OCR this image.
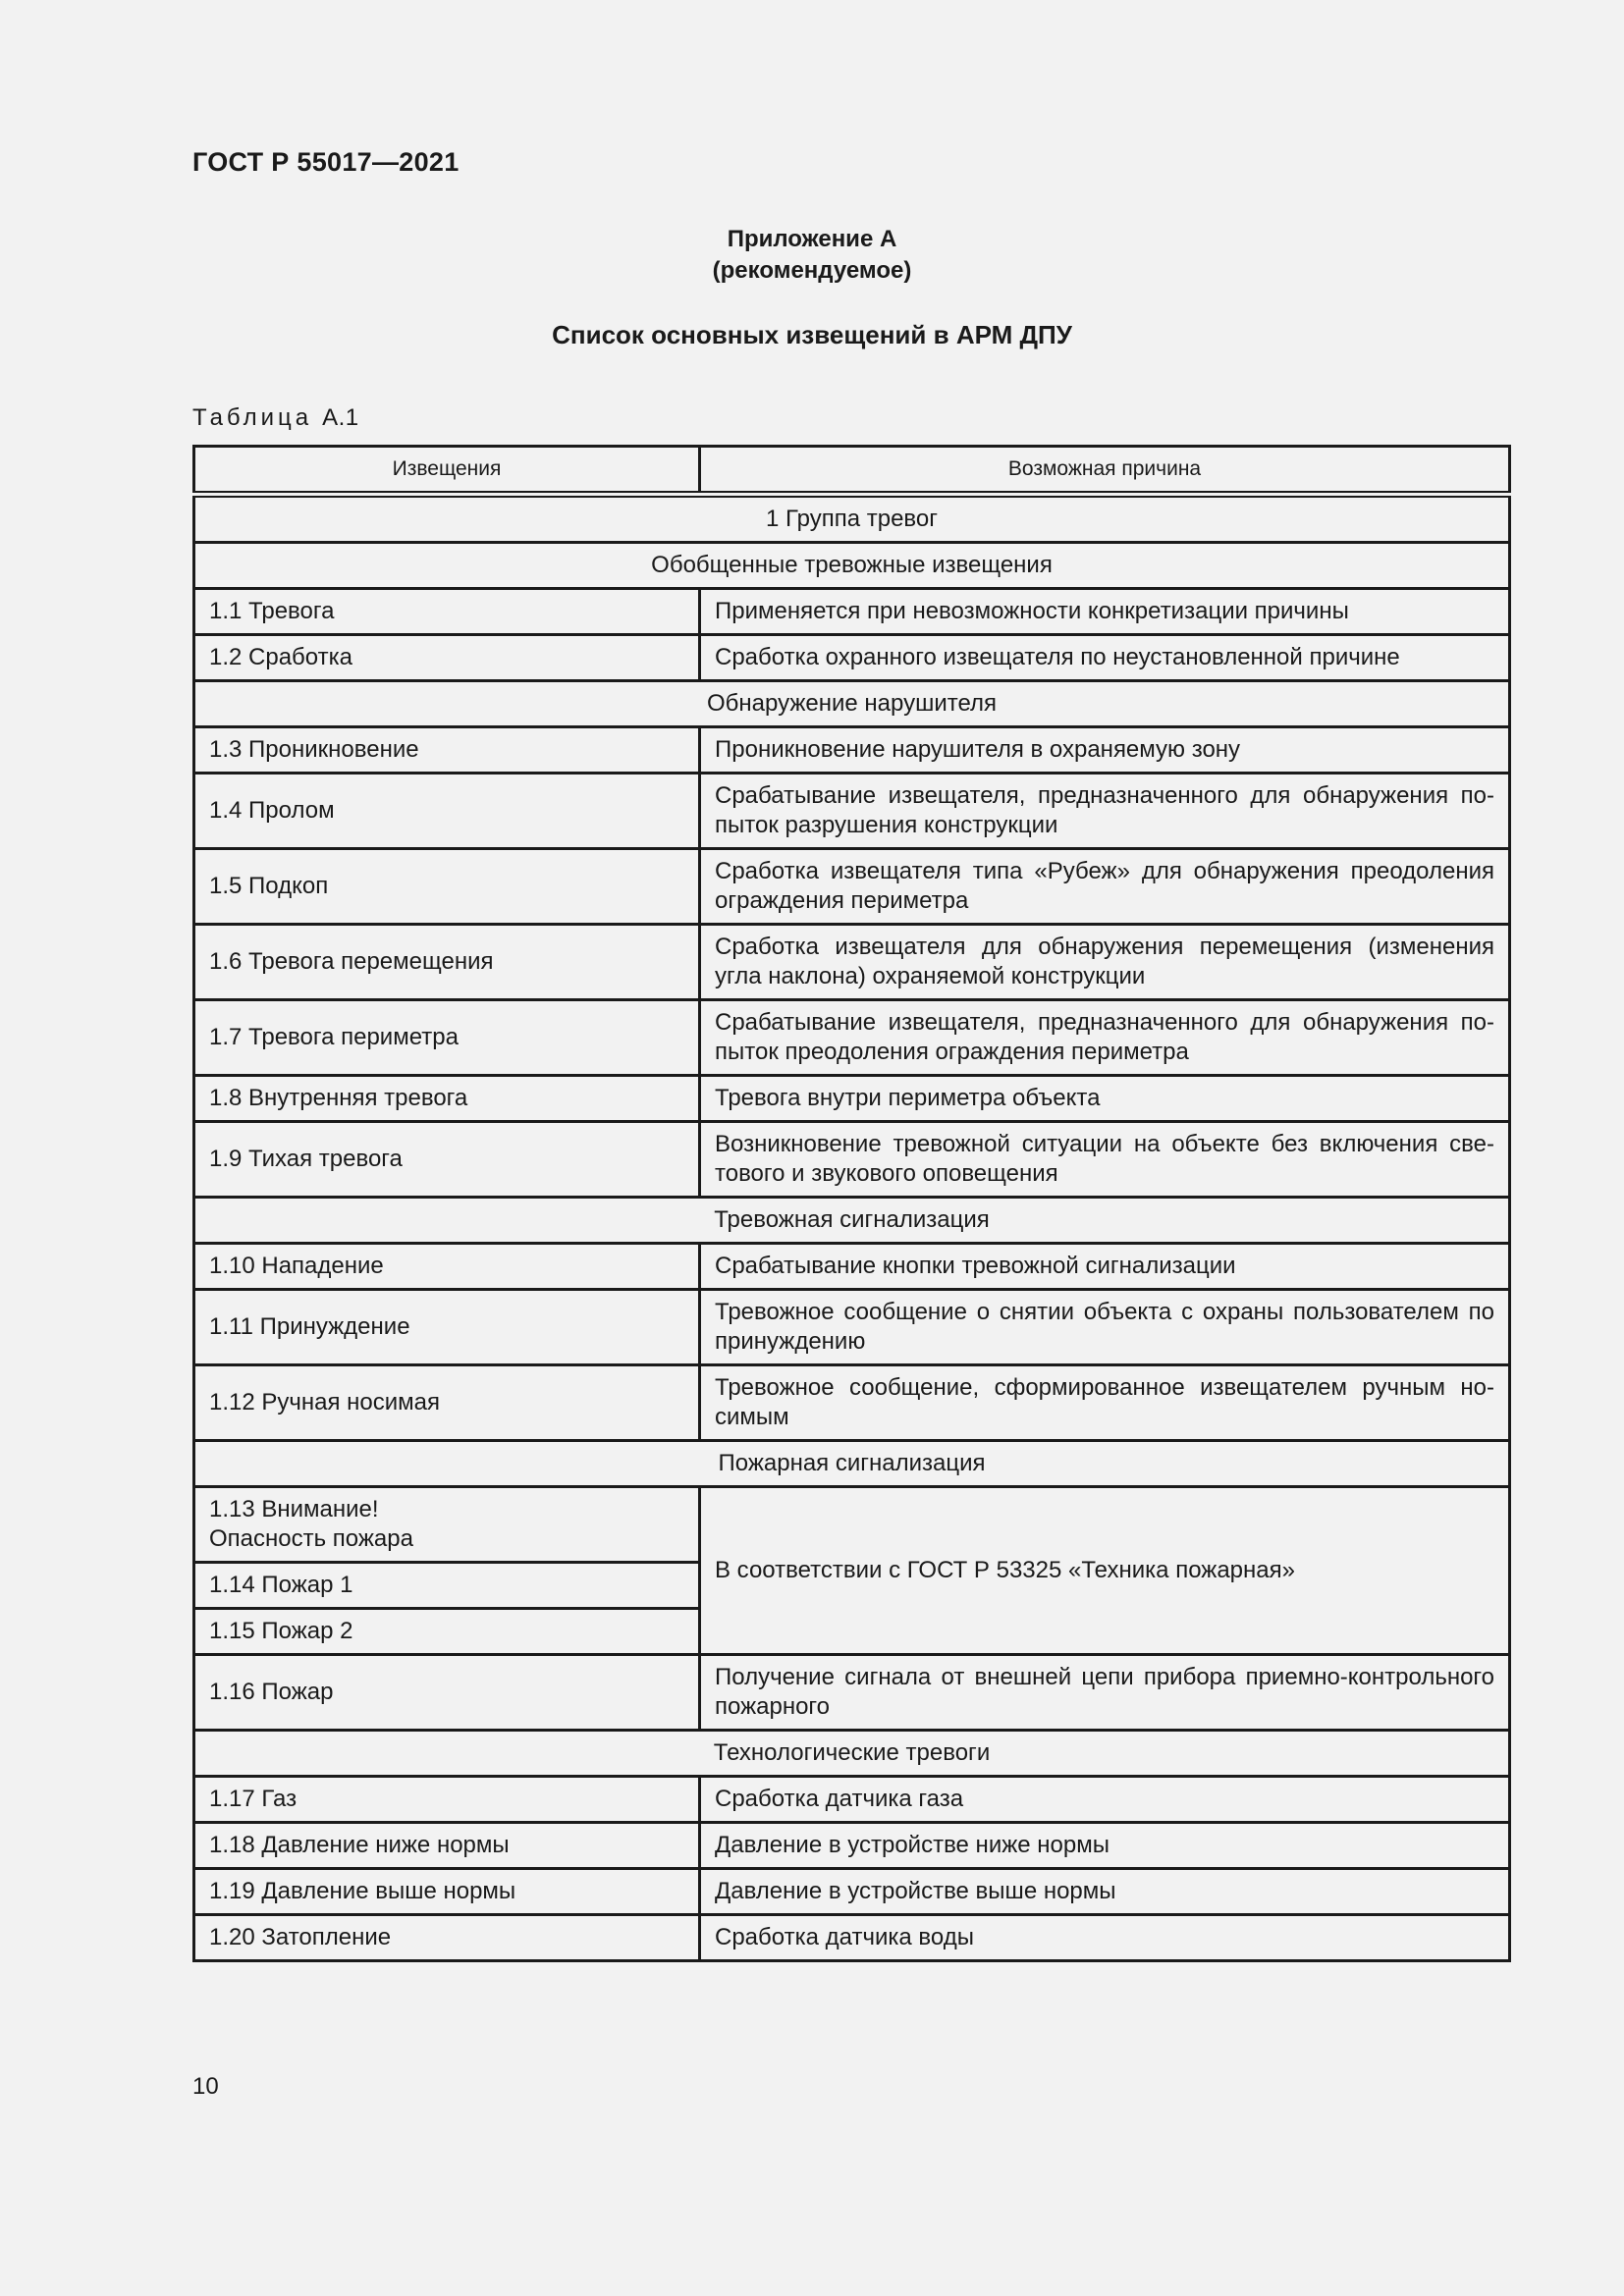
ГОСТ Р 55017—2021
Приложение А
(рекомендуемое)
Список основных извещений в АРМ ДПУ
Таблица А.1
Извещения	Возможная причина
1 Группа тревог	
Обобщенные тревожные извещения	
1.1 Тревога	Применяется при невозможности конкретизации причины
1.2 Сработка	Сработка охранного извещателя по неустановленной причине
Обнаружение нарушителя	
1.3 Проникновение	Проникновение нарушителя в охраняемую зону
1.4 Пролом	Срабатывание извещателя, предназначенного для обнаружения попыток разрушения конструкции
1.5 Подкоп	Сработка извещателя типа «Рубеж» для обнаружения преодоления ограждения периметра
1.6 Тревога перемещения	Сработка извещателя для обнаружения перемещения (изменения угла наклона) охраняемой конструкции
1.7 Тревога периметра	Срабатывание извещателя, предназначенного для обнаружения попыток преодоления ограждения периметра
1.8 Внутренняя тревога	Тревога внутри периметра объекта
1.9 Тихая тревога	Возникновение тревожной ситуации на объекте без включения светового и звукового оповещения
Тревожная сигнализация	
1.10 Нападение	Срабатывание кнопки тревожной сигнализации
1.11 Принуждение	Тревожное сообщение о снятии объекта с охраны пользователем по принуждению
1.12 Ручная носимая	Тревожное сообщение, сформированное извещателем ручным носимым
Пожарная сигнализация	
1.13 Внимание!
Опасность пожара	В соответствии с ГОСТ Р 53325 «Техника пожарная»
1.14 Пожар 1	
1.15 Пожар 2	
1.16 Пожар	Получение сигнала от внешней цепи прибора приемно-контрольного пожарного
Технологические тревоги	
1.17 Газ	Сработка датчика газа
1.18 Давление ниже нормы	Давление в устройстве ниже нормы
1.19 Давление выше нормы	Давление в устройстве выше нормы
1.20 Затопление	Сработка датчика воды
10
